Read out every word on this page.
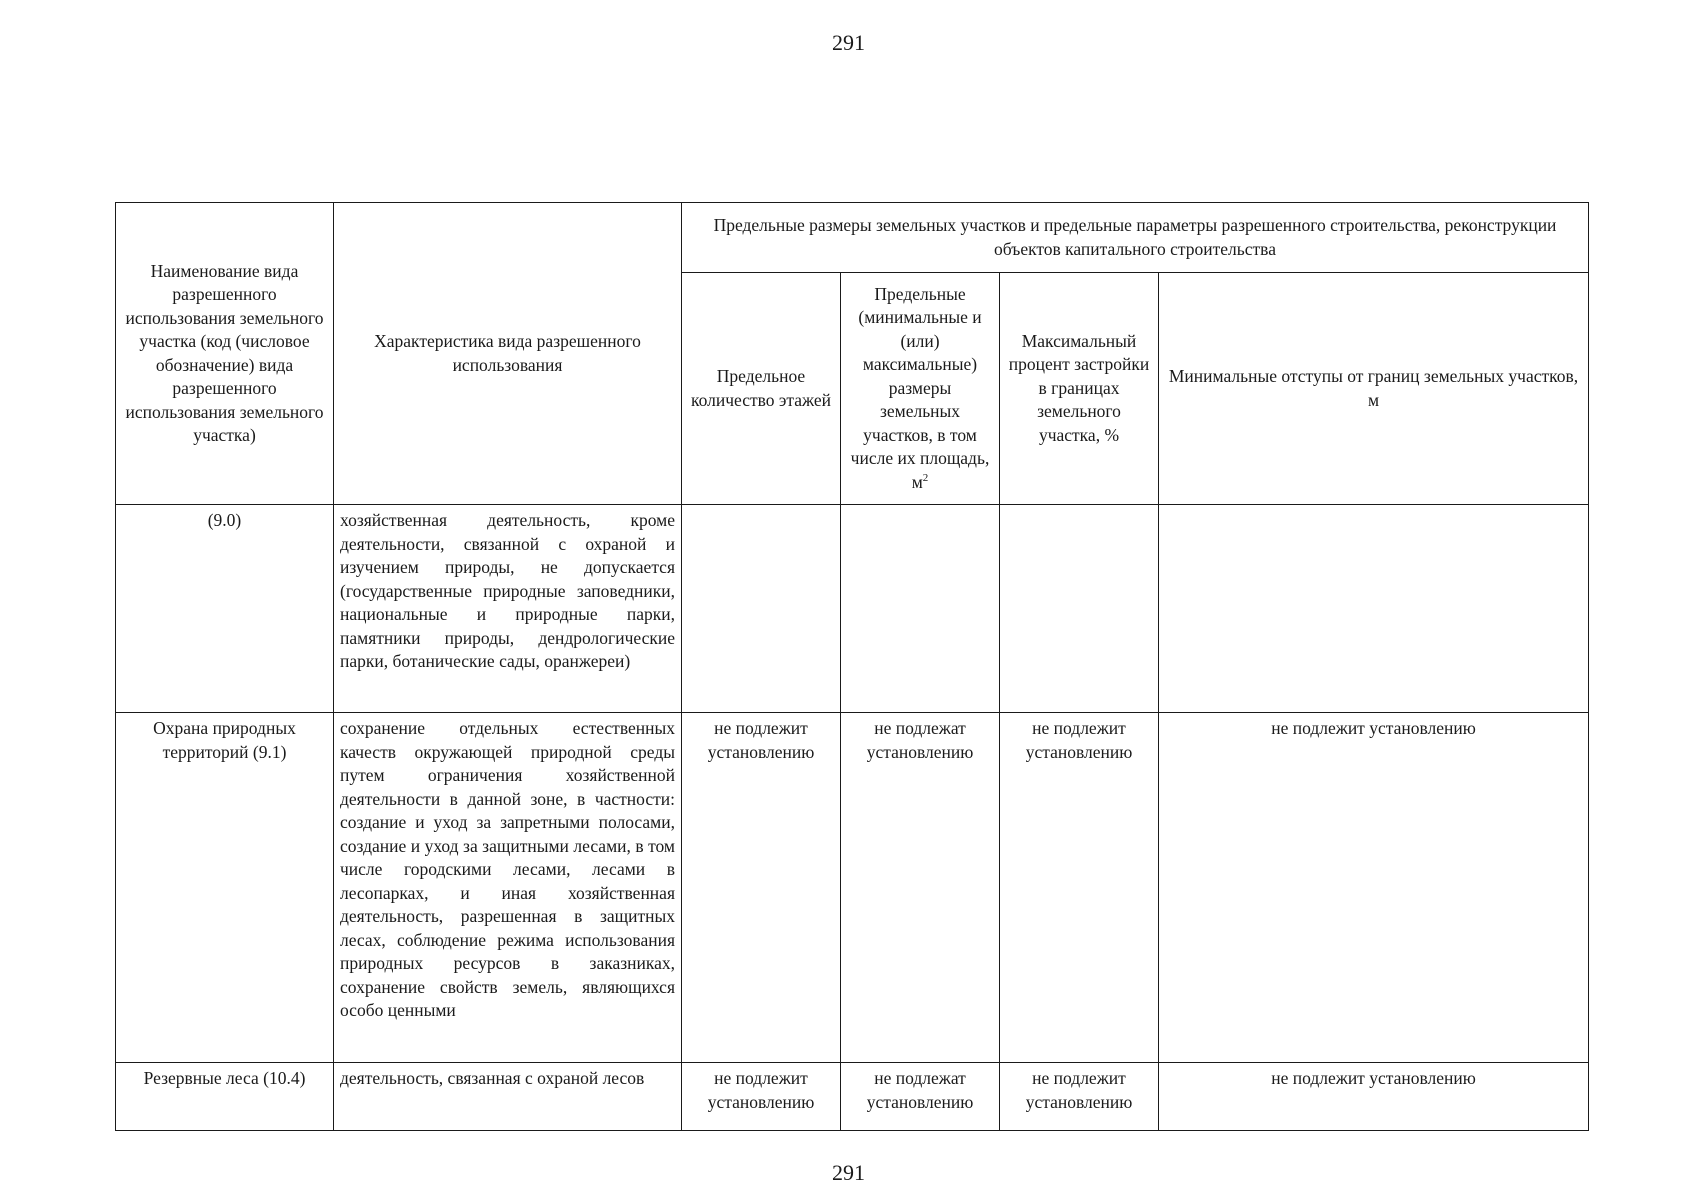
291
Наименование вида разрешенного использования земельного участка (код (числовое обозначение) вида разрешенного использования земельного участка)	Характеристика вида разрешенного использования	Предельные размеры земельных участков и предельные параметры разрешенного строительства, реконструкции объектов капитального строительства			
		Предельное количество этажей	Предельные (минимальные и (или) максимальные) размеры земельных участков, в том числе их площадь, $м^2$	Максимальный процент застройки в границах земельного участка, %	Минимальные отступы от границ земельных участков, м
(9.0)	хозяйственная деятельность, кроме деятельности, связанной с охраной и изучением природы, не допускается (государственные природные заповедники, национальные и природные парки, памятники природы, дендрологические парки, ботанические сады, оранжереи)				
Охрана природных территорий (9.1)	сохранение отдельных естественных качеств окружающей природной среды путем ограничения хозяйственной деятельности в данной зоне, в частности: создание и уход за запретными полосами, создание и уход за защитными лесами, в том числе городскими лесами, лесами в лесопарках, и иная хозяйственная деятельность, разрешенная в защитных лесах, соблюдение режима использования природных ресурсов в заказниках, сохранение свойств земель, являющихся особо ценными	не подлежит установлению	не подлежат установлению	не подлежит установлению	не подлежит установлению
Резервные леса (10.4)	деятельность, связанная с охраной лесов	не подлежит установлению	не подлежат установлению	не подлежит установлению	не подлежит установлению
291
